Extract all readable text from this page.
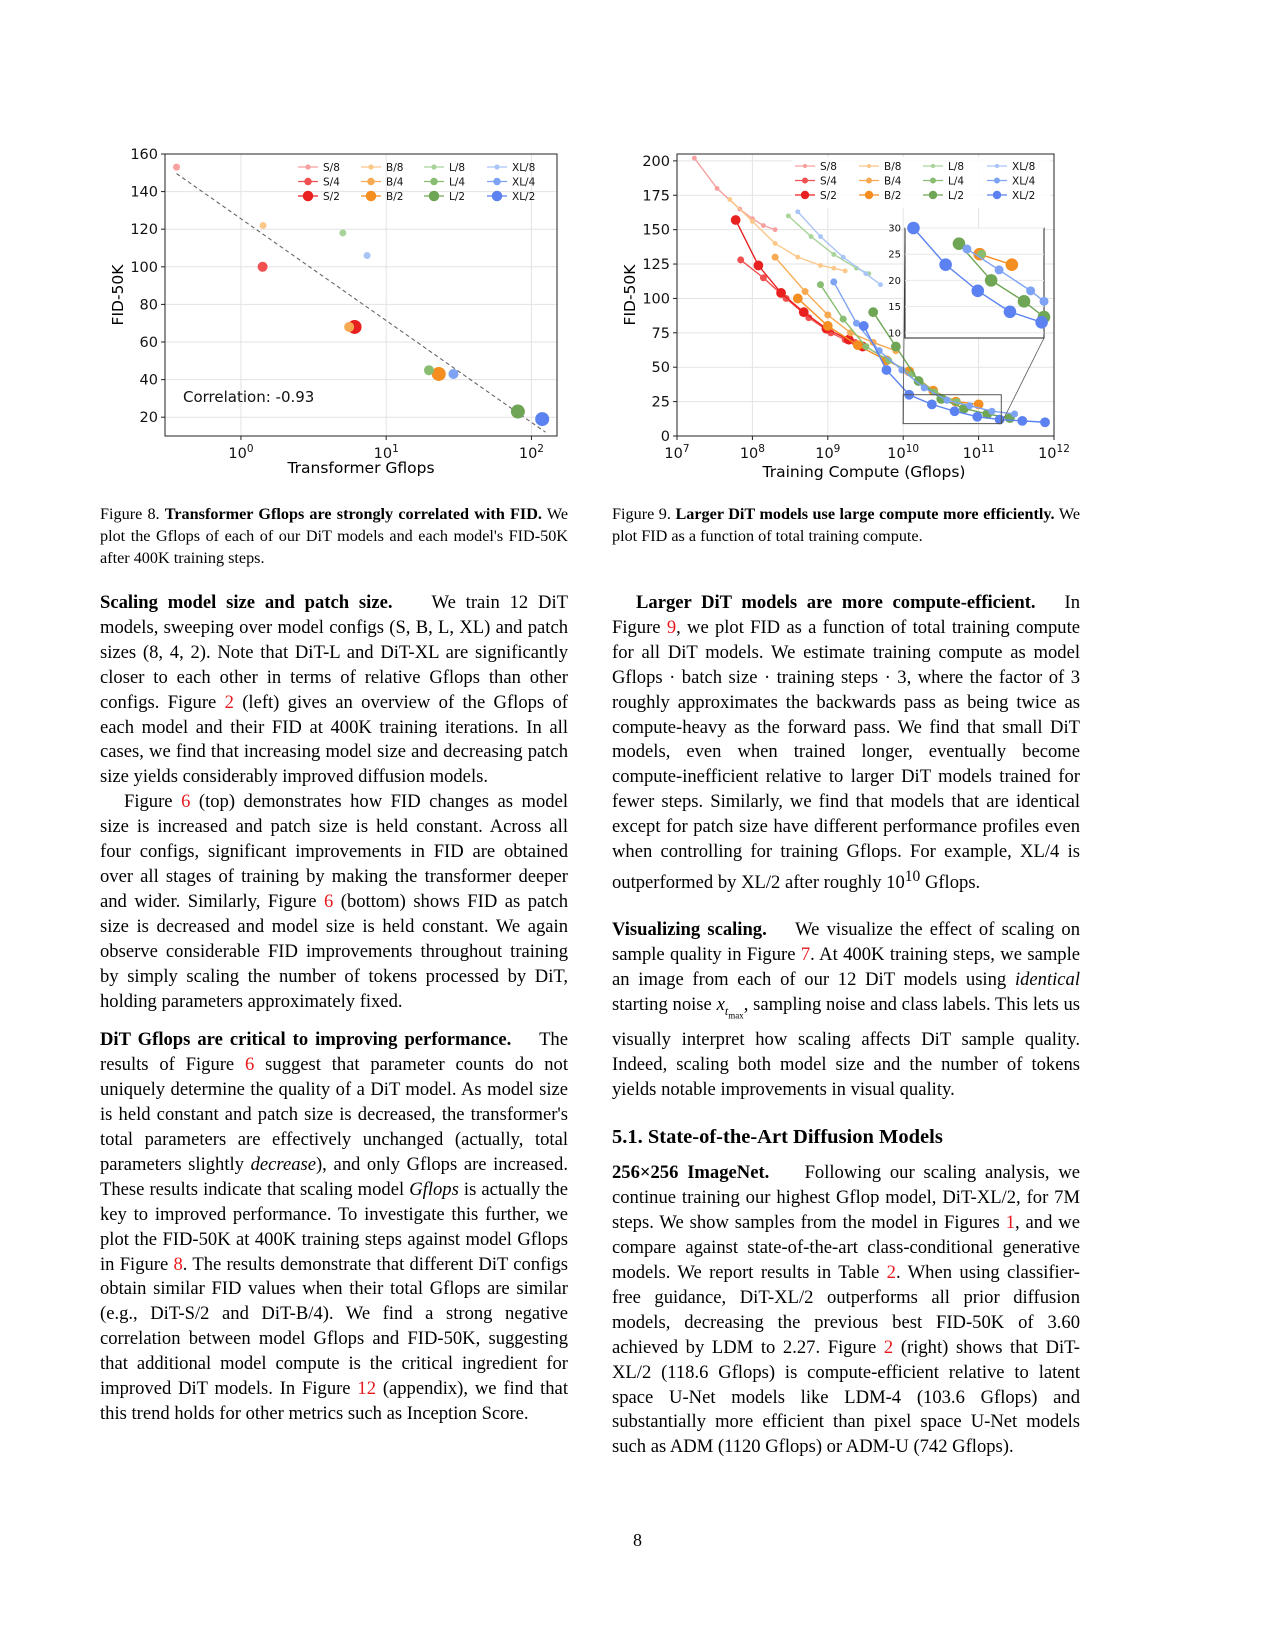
20
40
60
80
100
120
140
160
$10^0$	$10^1$	$10^2$
Correlation: -0.93
Transformer Gflops
FID-50K
S/8
S/4
S/2
B/8
B/4
B/2
L/8
L/4
L/2
XL/8
XL/4
XL/2
Figure 8. Transformer Gflops are strongly correlated with FID. We plot the Gflops of each of our DiT models and each model's FID-50K after 400K training steps.
10
15
20
25
30
0
25
50
75
100
125
150
175
200
$10^7$	$10^8$	$10^9$	$10^{10}$	$10^{11}$	$10^{12}$
Training Compute (Gflops)
FID-50K
S/8
S/4
S/2
B/8
B/4
B/2
L/8
L/4
L/2
XL/8
XL/4
XL/2
Figure 9. Larger DiT models use large compute more efficiently. We plot FID as a function of total training compute.

Scaling model size and patch size. We train 12 DiT models, sweeping over model configs (S, B, L, XL) and patch sizes (8, 4, 2). Note that DiT-L and DiT-XL are significantly closer to each other in terms of relative Gflops than other configs. Figure 2 (left) gives an overview of the Gflops of each model and their FID at 400K training iterations. In all cases, we find that increasing model size and decreasing patch size yields considerably improved diffusion models.

Figure 6 (top) demonstrates how FID changes as model size is increased and patch size is held constant. Across all four configs, significant improvements in FID are obtained over all stages of training by making the transformer deeper and wider. Similarly, Figure 6 (bottom) shows FID as patch size is decreased and model size is held constant. We again observe considerable FID improvements throughout training by simply scaling the number of tokens processed by DiT, holding parameters approximately fixed.

DiT Gflops are critical to improving performance. The results of Figure 6 suggest that parameter counts do not uniquely determine the quality of a DiT model. As model size is held constant and patch size is decreased, the transformer's total parameters are effectively unchanged (actually, total parameters slightly decrease), and only Gflops are increased. These results indicate that scaling model Gflops is actually the key to improved performance. To investigate this further, we plot the FID-50K at 400K training steps against model Gflops in Figure 8. The results demonstrate that different DiT configs obtain similar FID values when their total Gflops are similar (e.g., DiT-S/2 and DiT-B/4). We find a strong negative correlation between model Gflops and FID-50K, suggesting that additional model compute is the critical ingredient for improved DiT models. In Figure 12 (appendix), we find that this trend holds for other metrics such as Inception Score.

Larger DiT models are more compute-efficient. In Figure 9, we plot FID as a function of total training compute for all DiT models. We estimate training compute as model Gflops · batch size · training steps · 3, where the factor of 3 roughly approximates the backwards pass as being twice as compute-heavy as the forward pass. We find that small DiT models, even when trained longer, eventually become compute-inefficient relative to larger DiT models trained for fewer steps. Similarly, we find that models that are identical except for patch size have different performance profiles even when controlling for training Gflops. For example, XL/4 is outperformed by XL/2 after roughly $10^{10}$ Gflops.

Visualizing scaling. We visualize the effect of scaling on sample quality in Figure 7. At 400K training steps, we sample an image from each of our 12 DiT models using identical starting noise $x_{t_{max}}$, sampling noise and class labels. This lets us visually interpret how scaling affects DiT sample quality. Indeed, scaling both model size and the number of tokens yields notable improvements in visual quality.

5.1. State-of-the-Art Diffusion Models

256×256 ImageNet. Following our scaling analysis, we continue training our highest Gflop model, DiT-XL/2, for 7M steps. We show samples from the model in Figures 1, and we compare against state-of-the-art class-conditional generative models. We report results in Table 2. When using classifier-free guidance, DiT-XL/2 outperforms all prior diffusion models, decreasing the previous best FID-50K of 3.60 achieved by LDM to 2.27. Figure 2 (right) shows that DiT-XL/2 (118.6 Gflops) is compute-efficient relative to latent space U-Net models like LDM-4 (103.6 Gflops) and substantially more efficient than pixel space U-Net models such as ADM (1120 Gflops) or ADM-U (742 Gflops).

8
